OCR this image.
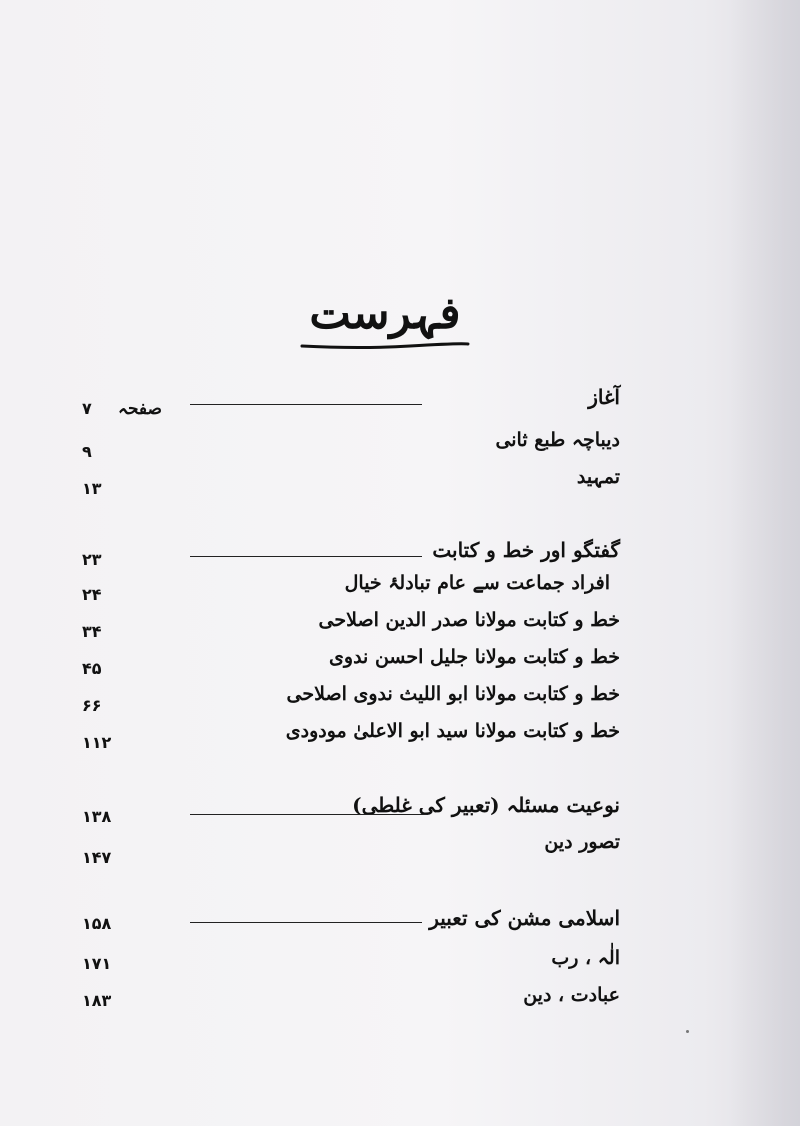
فہرست
آغاز
۷	صفحہ
دیباچہ طبع ثانی
۹
تمہید
۱۳
گفتگو اور خط و کتابت
۲۳
افراد جماعت سے عام تبادلۂ خیال
۲۴
خط و کتابت مولانا صدر الدین اصلاحی
۳۴
خط و کتابت مولانا جلیل احسن ندوی
۴۵
خط و کتابت مولانا ابو اللیث ندوی اصلاحی
۶۶
خط و کتابت مولانا سید ابو الاعلیٰ مودودی
۱۱۲
نوعیت مسئلہ (تعبیر کی غلطی)
۱۳۸
تصور دین
۱۴۷
اسلامی مشن کی تعبیر
۱۵۸
الٰہ ، رب
۱۷۱
عبادت ، دین
۱۸۳
